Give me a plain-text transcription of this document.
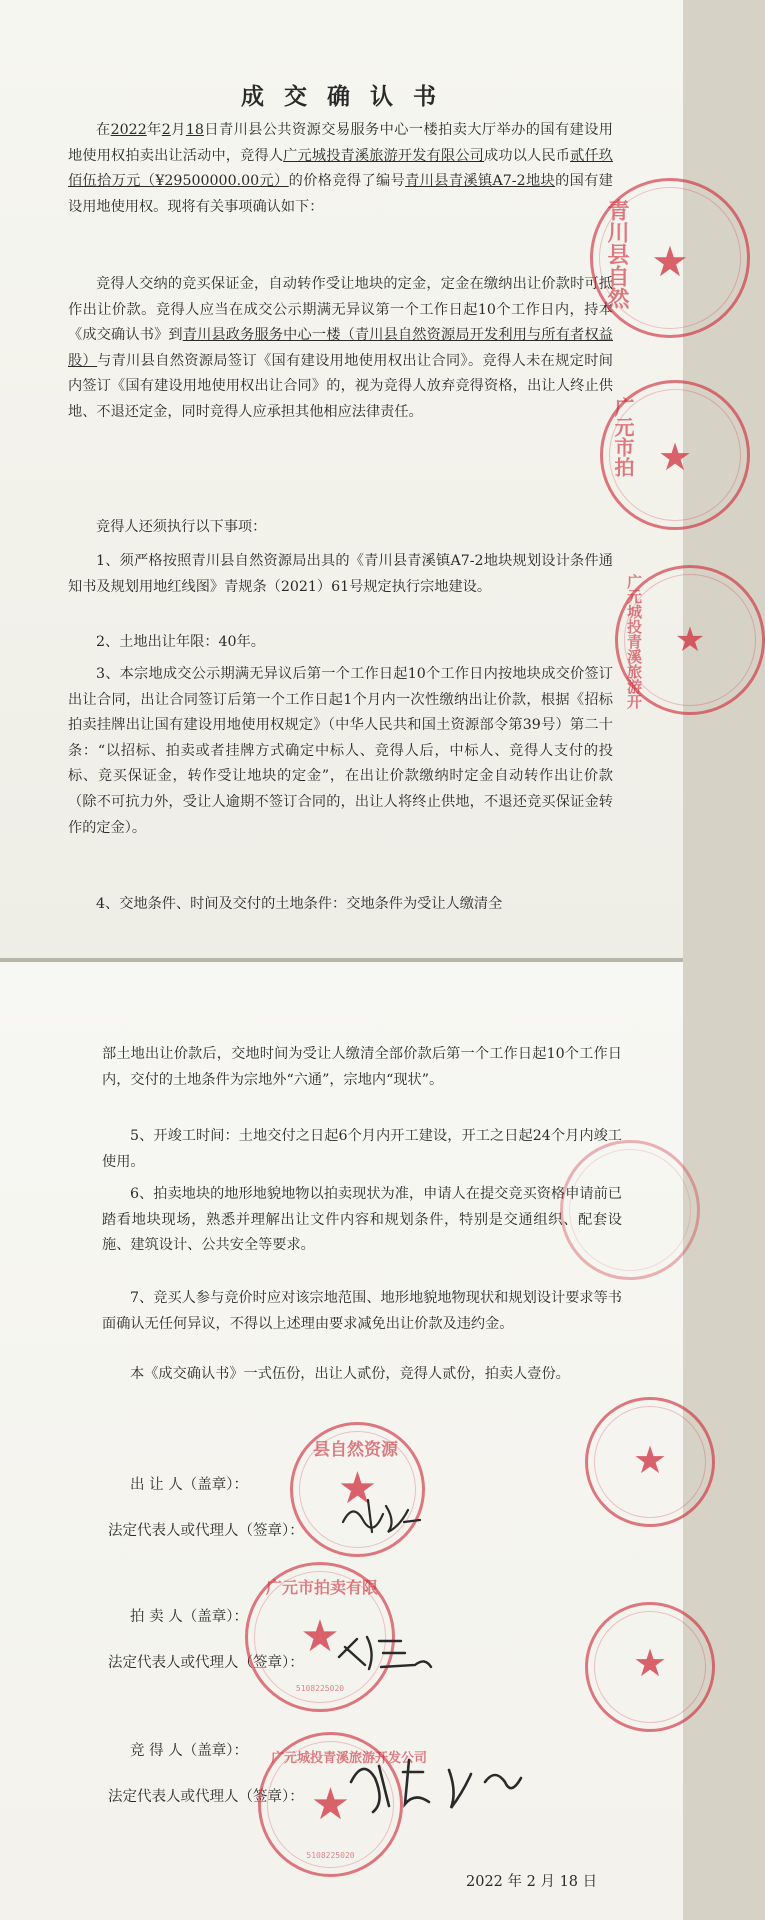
成 交 确 认 书

在2022年2月18日青川县公共资源交易服务中心一楼拍卖大厅举办的国有建设用地使用权拍卖出让活动中，竞得人广元城投青溪旅游开发有限公司成功以人民币贰仟玖佰伍拾万元（¥29500000.00元）的价格竞得了编号青川县青溪镇A7-2地块的国有建设用地使用权。现将有关事项确认如下：

竞得人交纳的竞买保证金，自动转作受让地块的定金，定金在缴纳出让价款时可抵作出让价款。竞得人应当在成交公示期满无异议第一个工作日起10个工作日内，持本《成交确认书》到青川县政务服务中心一楼（青川县自然资源局开发利用与所有者权益股）与青川县自然资源局签订《国有建设用地使用权出让合同》。竞得人未在规定时间内签订《国有建设用地使用权出让合同》的，视为竞得人放弃竞得资格，出让人终止供地、不退还定金，同时竞得人应承担其他相应法律责任。

竞得人还须执行以下事项：

1、须严格按照青川县自然资源局出具的《青川县青溪镇A7-2地块规划设计条件通知书及规划用地红线图》青规条（2021）61号规定执行宗地建设。

2、土地出让年限：40年。

3、本宗地成交公示期满无异议后第一个工作日起10个工作日内按地块成交价签订出让合同，出让合同签订后第一个工作日起1个月内一次性缴纳出让价款，根据《招标拍卖挂牌出让国有建设用地使用权规定》（中华人民共和国土资源部令第39号）第二十条：“以招标、拍卖或者挂牌方式确定中标人、竞得人后，中标人、竞得人支付的投标、竞买保证金，转作受让地块的定金”，在出让价款缴纳时定金自动转作出让价款（除不可抗力外，受让人逾期不签订合同的，出让人将终止供地，不退还竞买保证金转作的定金）。

4、交地条件、时间及交付的土地条件：交地条件为受让人缴清全

青川县自然 ★
广元市拍 ★
广元城投青溪旅游开 ★

部土地出让价款后，交地时间为受让人缴清全部价款后第一个工作日起10个工作日内，交付的土地条件为宗地外“六通”，宗地内“现状”。

5、开竣工时间：土地交付之日起6个月内开工建设，开工之日起24个月内竣工使用。

6、拍卖地块的地形地貌地物以拍卖现状为准，申请人在提交竞买资格申请前已踏看地块现场，熟悉并理解出让文件内容和规划条件，特别是交通组织、配套设施、建筑设计、公共安全等要求。

7、竞买人参与竞价时应对该宗地范围、地形地貌地物现状和规划设计要求等书面确认无任何异议，不得以上述理由要求减免出让价款及违约金。

本《成交确认书》一式伍份，出让人贰份，竞得人贰份，拍卖人壹份。

出 让 人（盖章）：
法定代表人或代理人（签章）：
拍 卖 人（盖章）：
法定代表人或代理人（签章）：
竞 得 人（盖章）：
法定代表人或代理人（签章）：
2022 年 2 月 18 日
县自然资源
★
★
广元市拍卖有限
★
5108225020
★
广元城投青溪旅游开发公司
★
5108225020
